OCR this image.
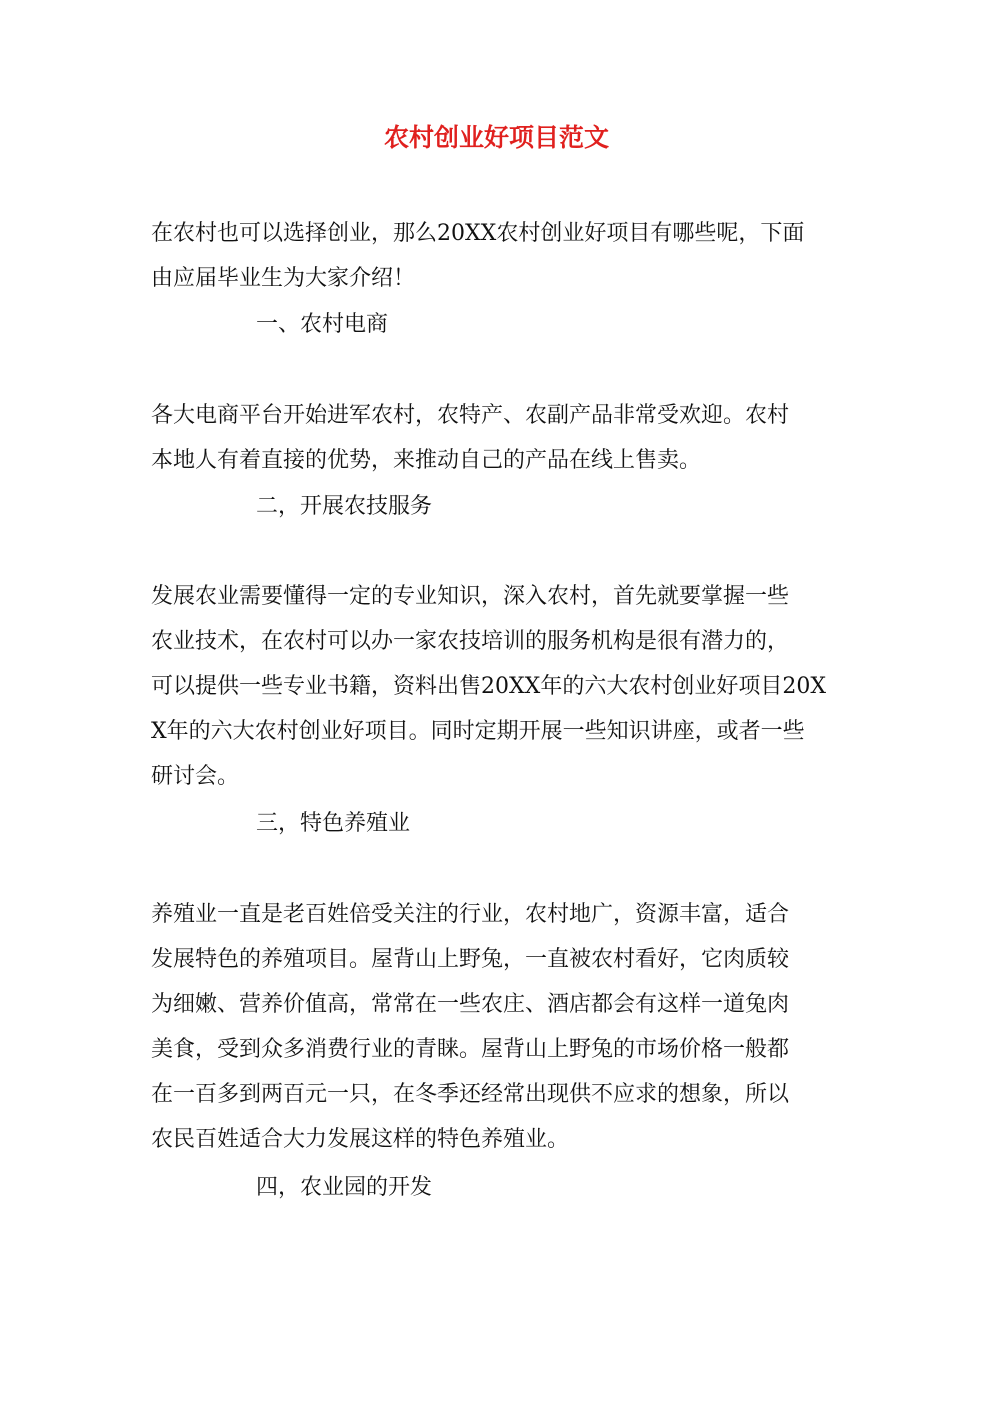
农村创业好项目范文

在农村也可以选择创业，那么20XX农村创业好项目有哪些呢，下面
由应届毕业生为大家介绍！

一、农村电商

各大电商平台开始进军农村，农特产、农副产品非常受欢迎。农村
本地人有着直接的优势，来推动自己的产品在线上售卖。

二，开展农技服务

发展农业需要懂得一定的专业知识，深入农村，首先就要掌握一些
农业技术，在农村可以办一家农技培训的服务机构是很有潜力的，
可以提供一些专业书籍，资料出售20XX年的六大农村创业好项目20X
X年的六大农村创业好项目。同时定期开展一些知识讲座，或者一些
研讨会。

三，特色养殖业

养殖业一直是老百姓倍受关注的行业，农村地广，资源丰富，适合
发展特色的养殖项目。屋背山上野兔，一直被农村看好，它肉质较
为细嫩、营养价值高，常常在一些农庄、酒店都会有这样一道兔肉
美食，受到众多消费行业的青睐。屋背山上野兔的市场价格一般都
在一百多到两百元一只，在冬季还经常出现供不应求的想象，所以
农民百姓适合大力发展这样的特色养殖业。

四，农业园的开发
